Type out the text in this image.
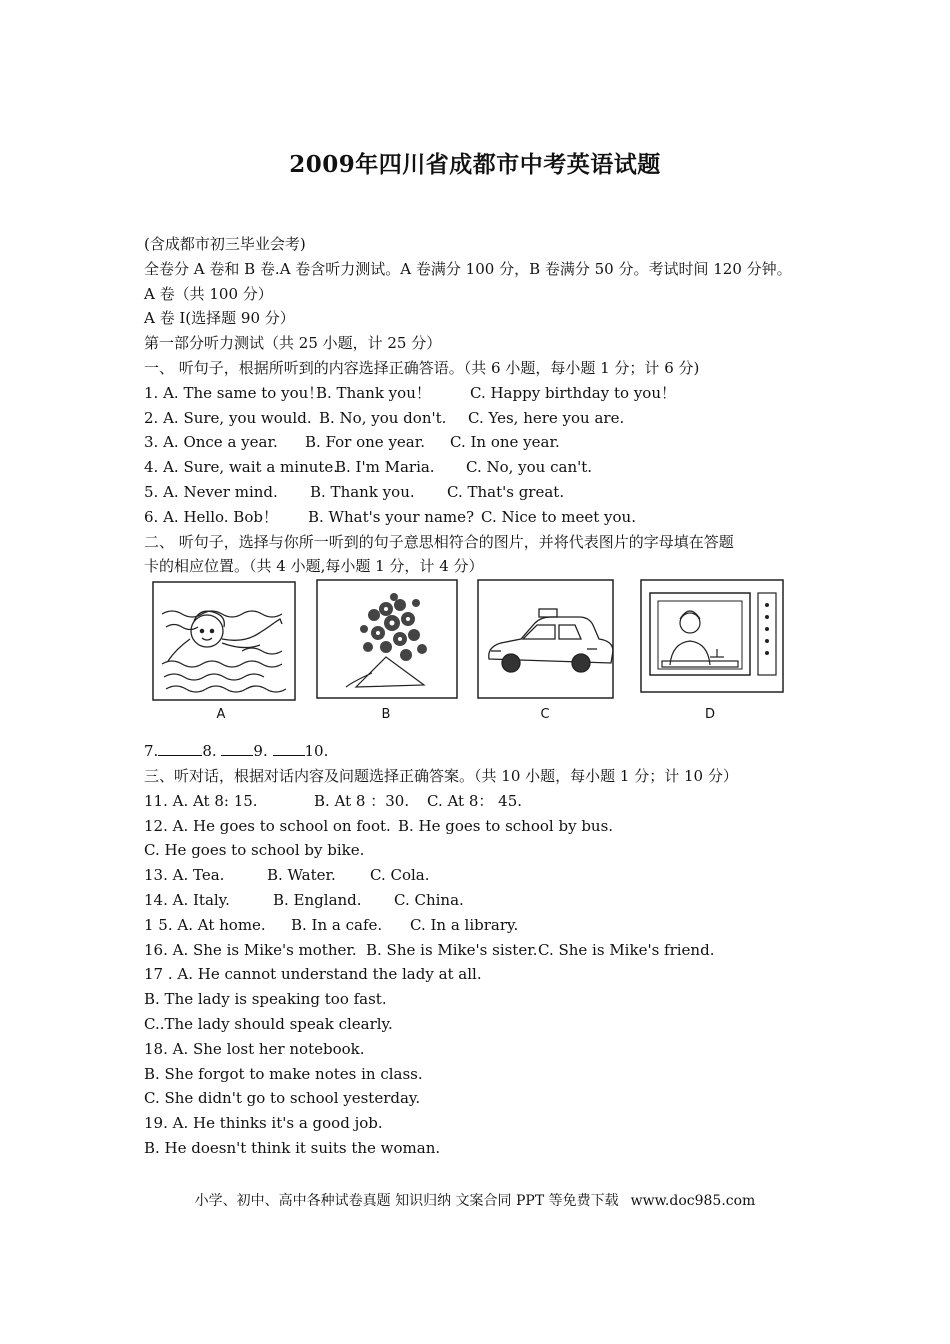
2009年四川省成都市中考英语试题
(含成都市初三毕业会考)
全卷分 A 卷和 B 卷.A 卷含听力测试。A 卷满分 100 分，B 卷满分 50 分。考试时间 120 分钟。
A 卷（共 100 分）
A 卷 I(选择题 90 分）
第一部分听力测试（共 25 小题，计 25 分）
一、 听句子，根据所听到的内容选择正确答语。（共 6 小题，每小题 1 分；计 6 分)
1. A. The same to you！B. Thank you！	C. Happy birthday to you！
2. A. Sure, you would. B. No, you don't. C. Yes, here you are.
3. A. Once a year. B. For one year. C. In one year.
4. A. Sure, wait a minute.B. I'm Maria. C. No, you can't.
5. A. Never mind. B. Thank you. C. That's great.
6. A. Hello. Bob！ B. What's your name? C. Nice to meet you.
二、 听句子，选择与你所一听到的句子意思相符合的图片，并将代表图片的字母填在答题
卡的相应位置。（共 4 小题,每小题 1 分，计 4 分）
A	B	C	D
7.	8. 9. 10.
三、听对话，根据对话内容及问题选择正确答案。（共 10 小题，每小题 1 分；计 10 分）
11. A. At 8: 15.	B. At 8 ：30. C. At 8： 45.
12. A. He goes to school on foot. B. He goes to school by bus.
C. He goes to school by bike.
13. A. Tea.	B. Water. C. Cola.
14. A. Italy.	B. England. C. China.
1 5. A. At home. B. In a cafe. C. In a library.
16. A. She is Mike's mother. B. She is Mike's sister.C. She is Mike's friend.
17 . A. He cannot understand the lady at all.
B. The lady is speaking too fast.
C..The lady should speak clearly.
18. A. She lost her notebook.
B. She forgot to make notes in class.
C. She didn't go to school yesterday.
19. A. He thinks it's a good job.
B. He doesn't think it suits the woman.
小学、初中、高中各种试卷真题 知识归纳 文案合同 PPT 等免费下载 www.doc985.com
